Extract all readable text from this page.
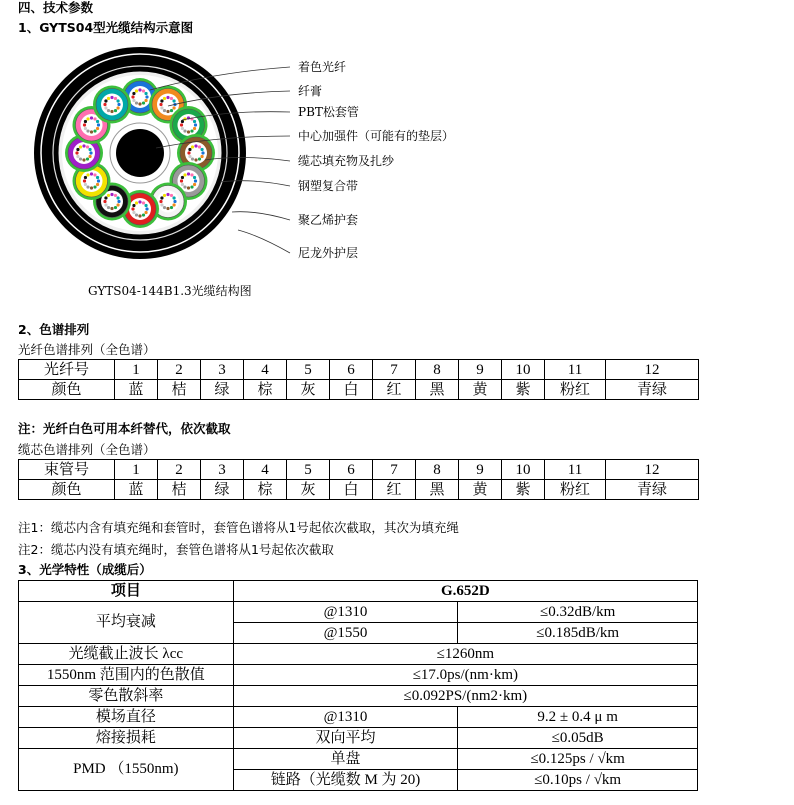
四、技术参数
1、GYTS04型光缆结构示意图
着色光纤
纤膏
PBT松套管
中心加强件（可能有的垫层）
缆芯填充物及扎纱
钢塑复合带
聚乙烯护套
尼龙外护层
GYTS04-144B1.3光缆结构图
2、色谱排列
光纤色谱排列（全色谱）
光纤号	1	2	3	4	5	6	7	8	9	10	11	12
颜色	蓝	桔	绿	棕	灰	白	红	黑	黄	紫	粉红	青绿
注：光纤白色可用本纤替代，依次截取
缆芯色谱排列（全色谱）
束管号	1	2	3	4	5	6	7	8	9	10	11	12
颜色	蓝	桔	绿	棕	灰	白	红	黑	黄	紫	粉红	青绿
注1：缆芯内含有填充绳和套管时，套管色谱将从1号起依次截取，其次为填充绳
注2：缆芯内没有填充绳时，套管色谱将从1号起依次截取
3、光学特性（成缆后）
项目	G.652D	
平均衰减	@1310	≤0.32dB/km
	@1550	≤0.185dB/km
光缆截止波长 λcc	≤1260nm	
1550nm 范围内的色散值	≤17.0ps/(nm·km)	
零色散斜率	≤0.092PS/(nm2·km)	
模场直径	@1310	9.2 ± 0.4 μ m
熔接损耗	双向平均	≤0.05dB
PMD （1550nm)	单盘	≤0.125ps / √km
	链路（光缆数 M 为 20)	≤0.10ps / √km
